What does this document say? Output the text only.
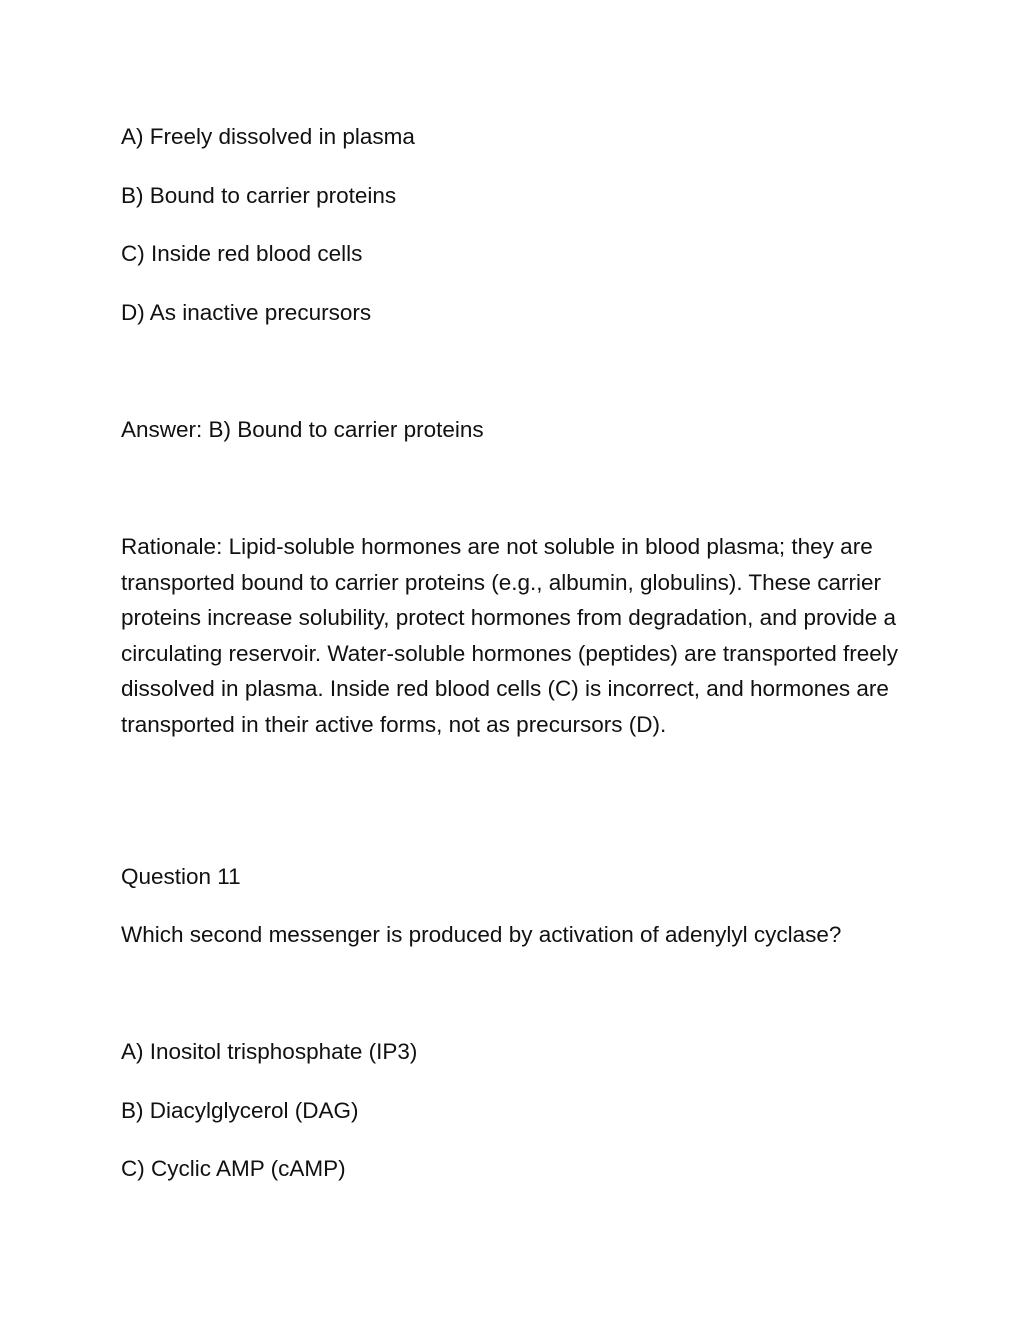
A) Freely dissolved in plasma

B) Bound to carrier proteins

C) Inside red blood cells

D) As inactive precursors

Answer: B) Bound to carrier proteins

Rationale: Lipid-soluble hormones are not soluble in blood plasma; they are transported bound to carrier proteins (e.g., albumin, globulins). These carrier proteins increase solubility, protect hormones from degradation, and provide a circulating reservoir. Water-soluble hormones (peptides) are transported freely dissolved in plasma. Inside red blood cells (C) is incorrect, and hormones are transported in their active forms, not as precursors (D).

Question 11

Which second messenger is produced by activation of adenylyl cyclase?

A) Inositol trisphosphate (IP3)

B) Diacylglycerol (DAG)

C) Cyclic AMP (cAMP)
